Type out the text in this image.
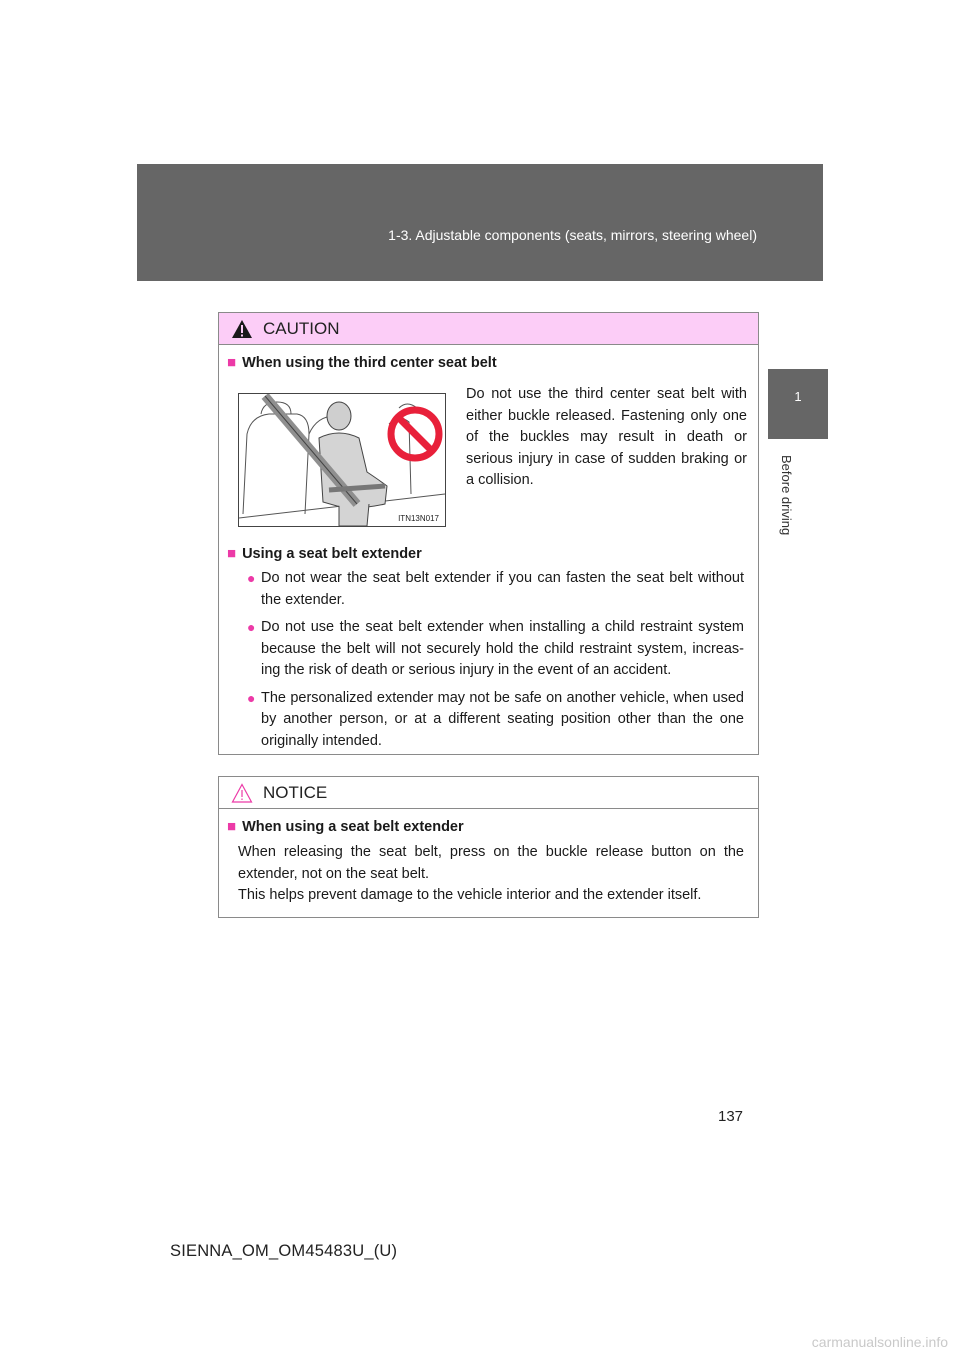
1-3. Adjustable components (seats, mirrors, steering wheel)
1
Before driving
CAUTION
■ When using the third center seat belt
ITN13N017
Do not use the third center seat belt with either buckle released. Fastening only one of the buckles may result in death or serious injury in case of sudden braking or a collision.
■ Using a seat belt extender
● Do not wear the seat belt extender if you can fasten the seat belt without the extender.
● Do not use the seat belt extender when installing a child restraint system because the belt will not securely hold the child restraint system, increas-ing the risk of death or serious injury in the event of an accident.
● The personalized extender may not be safe on another vehicle, when used by another person, or at a different seating position other than the one originally intended.
NOTICE
■ When using a seat belt extender
When releasing the seat belt, press on the buckle release button on the extender, not on the seat belt.
This helps prevent damage to the vehicle interior and the extender itself.
137
SIENNA_OM_OM45483U_(U)
carmanualsonline.info
